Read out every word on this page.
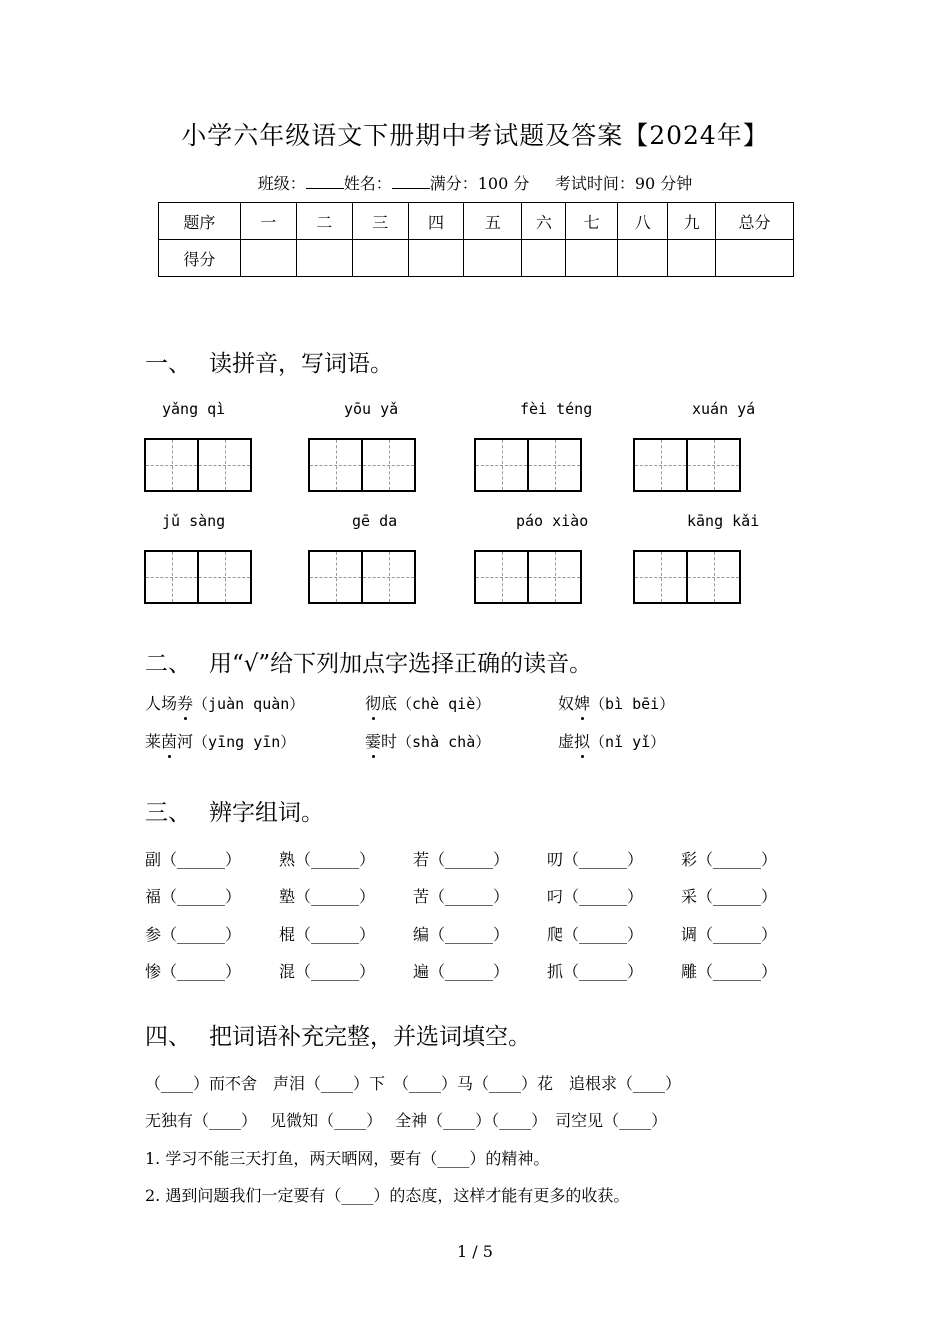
小学六年级语文下册期中考试题及答案【2024年】
班级： 姓名： 满分：100 分 考试时间：90 分钟
题序	一	二	三	四	五	六	七	八	九	总分
得分										
一、 读拼音，写词语。
yǎng qì	yōu yǎ	fèi téng	xuán yá
jǔ sàng	gē da	páo xiào	kāng kǎi
二、 用“√”给下列加点字选择正确的读音。
人场券（juàn quàn）	彻底（chè qiè）	奴婢（bì bēi）
莱茵河（yīng yīn）	霎时（shà chà）	虚拟（nǐ yǐ）
三、 辨字组词。
副（______） 熟（______） 若（______） 叨（______） 彩（______）
福（______） 塾（______） 苦（______） 叼（______） 采（______）
参（______） 棍（______） 编（______） 爬（______） 调（______）
惨（______） 混（______） 遍（______） 抓（______） 雕（______）
四、 把词语补充完整，并选词填空。
（____）而不舍　声泪（____）下　（____）马（____）花　追根求（____）
无独有（____）　 见微知（____）　 全神（____）（____）　司空见（____）
1. 学习不能三天打鱼，两天晒网，要有（____）的精神。
2. 遇到问题我们一定要有（____）的态度，这样才能有更多的收获。
1 / 5
